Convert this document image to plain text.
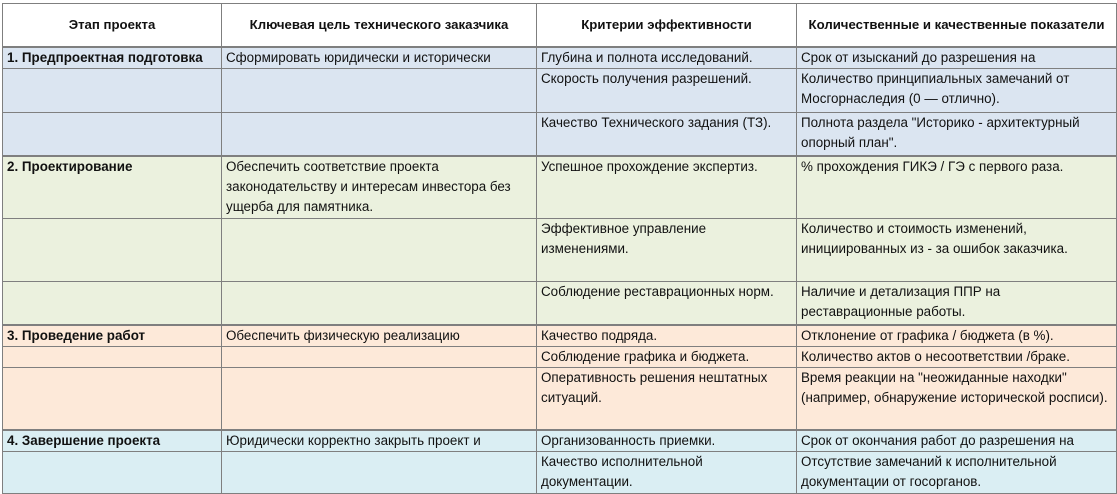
Этап проекта	Ключевая цель технического заказчика	Критерии эффективности	Количественные и качественные показатели
1. Предпроектная подготовка	Сформировать юридически и исторически	Глубина и полнота исследований.	Срок от изысканий до разрешения на
		Скорость получения разрешений.	Количество принципиальных замечаний от Мосгорнаследия (0 — отлично).
		Качество Технического задания (ТЗ).	Полнота раздела "Историко - архитектурный опорный план".
2. Проектирование	Обеспечить соответствие проекта законодательству и интересам инвестора без ущерба для памятника.	Успешное прохождение экспертиз.	% прохождения ГИКЭ / ГЭ с первого раза.
		Эффективное управление изменениями.	Количество и стоимость изменений, инициированных из - за ошибок заказчика.
		Соблюдение реставрационных норм.	Наличие и детализация ППР на реставрационные работы.
3. Проведение работ	Обеспечить физическую реализацию	Качество подряда.	Отклонение от графика / бюджета (в %).
		Соблюдение графика и бюджета.	Количество актов о несоответствии /браке.
		Оперативность решения нештатных ситуаций.	Время реакции на "неожиданные находки" (например, обнаружение исторической росписи).
4. Завершение проекта	Юридически корректно закрыть проект и	Организованность приемки.	Срок от окончания работ до разрешения на
		Качество исполнительной документации.	Отсутствие замечаний к исполнительной документации от госорганов.
